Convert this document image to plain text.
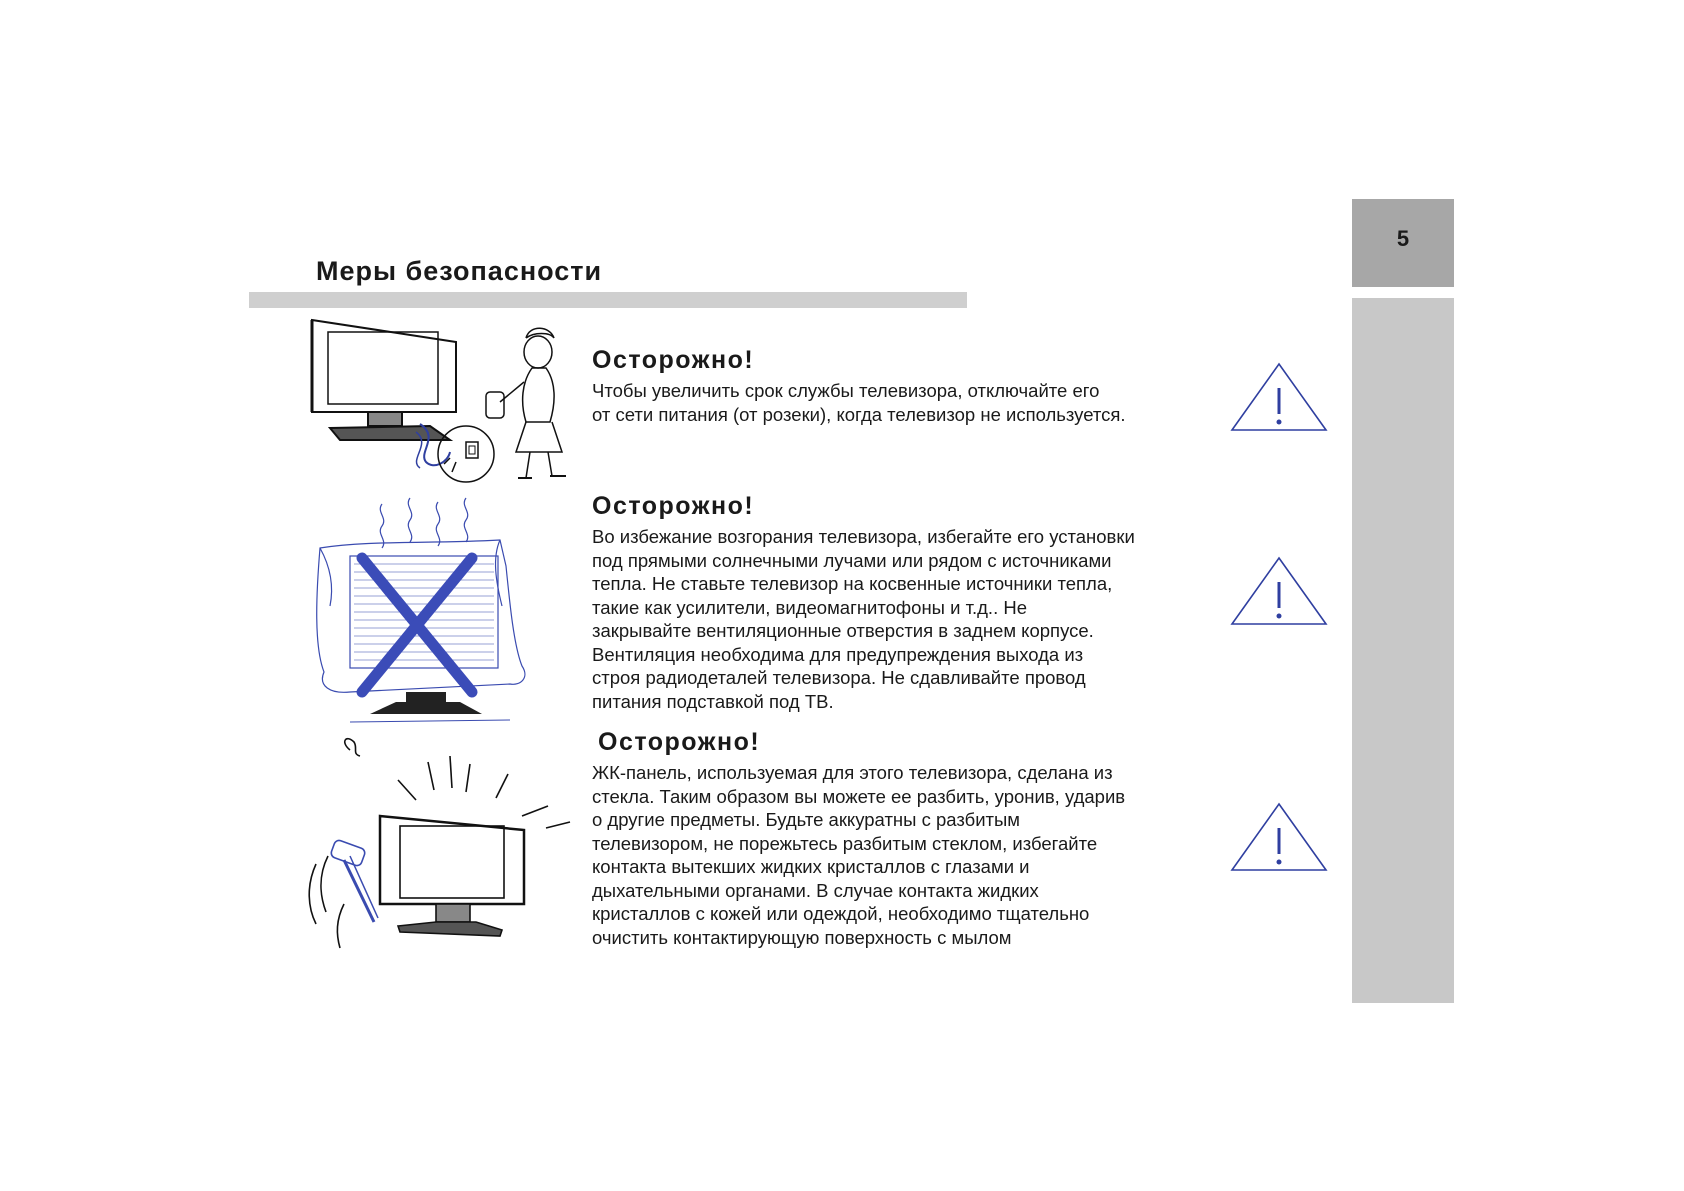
5
Меры безопасности
Осторожно!

Чтобы увеличить срок службы телевизора, отключайте его
от сети питания (от розеки), когда телевизор не используется.

Осторожно!

Во избежание возгорания телевизора, избегайте его установки
под прямыми солнечными лучами или рядом с источниками
тепла. Не ставьте телевизор на косвенные источники тепла,
такие как усилители, видеомагнитофоны и т.д.. Не
закрывайте вентиляционные отверстия в заднем корпусе.
Вентиляция необходима для предупреждения выхода из
строя радиодеталей телевизора. Не сдавливайте провод
питания подставкой под ТВ.

Осторожно!

ЖК-панель, используемая для этого телевизора, сделана из
стекла. Таким образом вы можете ее разбить, уронив, ударив
о другие предметы. Будьте аккуратны с разбитым
телевизором, не порежьтесь разбитым стеклом, избегайте
контакта вытекших жидких кристаллов с глазами и
дыхательными органами. В случае контакта жидких
кристаллов с кожей или одеждой, необходимо тщательно
очистить контактирующую поверхность с мылом
